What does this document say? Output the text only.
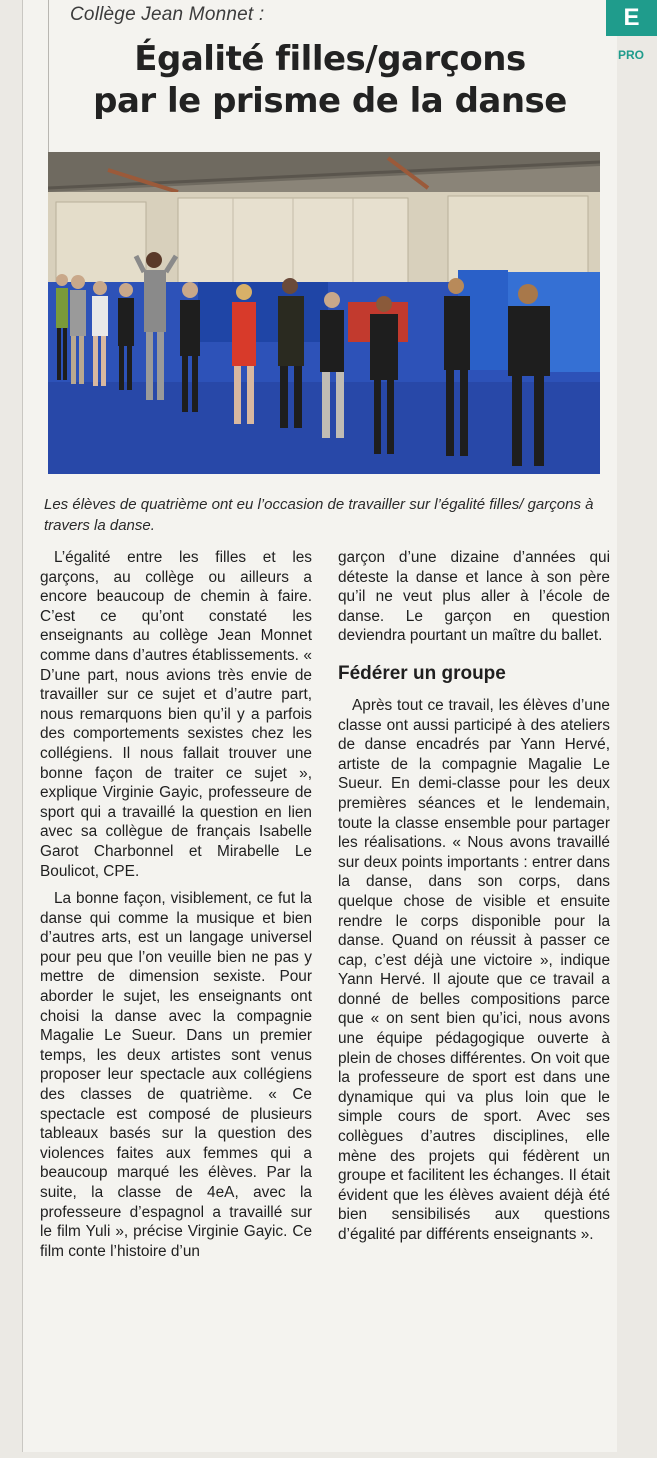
Collège Jean Monnet :
Égalité filles/garçons
par le prisme de la danse
E
PRO
Les élèves de quatrième ont eu l’occasion de travailler sur l’égalité filles/ garçons à travers la danse.

L’égalité entre les filles et les garçons, au collège ou ailleurs a encore beaucoup de chemin à faire. C’est ce qu’ont constaté les enseignants au collège Jean Monnet comme dans d’autres établissements. « D’une part, nous avions très envie de travailler sur ce sujet et d’autre part, nous remarquons bien qu’il y a parfois des comportements sexistes chez les collégiens. Il nous fallait trouver une bonne façon de traiter ce sujet », explique Virginie Gayic, professeure de sport qui a travaillé la question en lien avec sa collègue de français Isabelle Garot Charbonnel et Mirabelle Le Boulicot, CPE.

La bonne façon, visiblement, ce fut la danse qui comme la musique et bien d’autres arts, est un langage universel pour peu que l’on veuille bien ne pas y mettre de dimension sexiste. Pour aborder le sujet, les enseignants ont choisi la danse avec la compagnie Magalie Le Sueur. Dans un premier temps, les deux artistes sont venus proposer leur spectacle aux collégiens des classes de quatrième. « Ce spectacle est composé de plusieurs tableaux basés sur la question des violences faites aux femmes qui a beaucoup marqué les élèves. Par la suite, la classe de 4eA, avec la professeure d’espagnol a travaillé sur le film Yuli », précise Virginie Gayic. Ce film conte l’histoire d’un

garçon d’une dizaine d’années qui déteste la danse et lance à son père qu’il ne veut plus aller à l’école de danse. Le garçon en question deviendra pourtant un maître du ballet.

Fédérer un groupe

Après tout ce travail, les élèves d’une classe ont aussi participé à des ateliers de danse encadrés par Yann Hervé, artiste de la compagnie Magalie Le Sueur. En demi-classe pour les deux premières séances et le lendemain, toute la classe ensemble pour partager les réalisations. « Nous avons travaillé sur deux points importants : entrer dans la danse, dans son corps, dans quelque chose de visible et ensuite rendre le corps disponible pour la danse. Quand on réussit à passer ce cap, c’est déjà une victoire », indique Yann Hervé. Il ajoute que ce travail a donné de belles compositions parce que « on sent bien qu’ici, nous avons une équipe pédagogique ouverte à plein de choses différentes. On voit que la professeure de sport est dans une dynamique qui va plus loin que le simple cours de sport. Avec ses collègues d’autres disciplines, elle mène des projets qui fédèrent un groupe et facilitent les échanges. Il était évident que les élèves avaient déjà été bien sensibilisés aux questions d’égalité par différents enseignants ».
